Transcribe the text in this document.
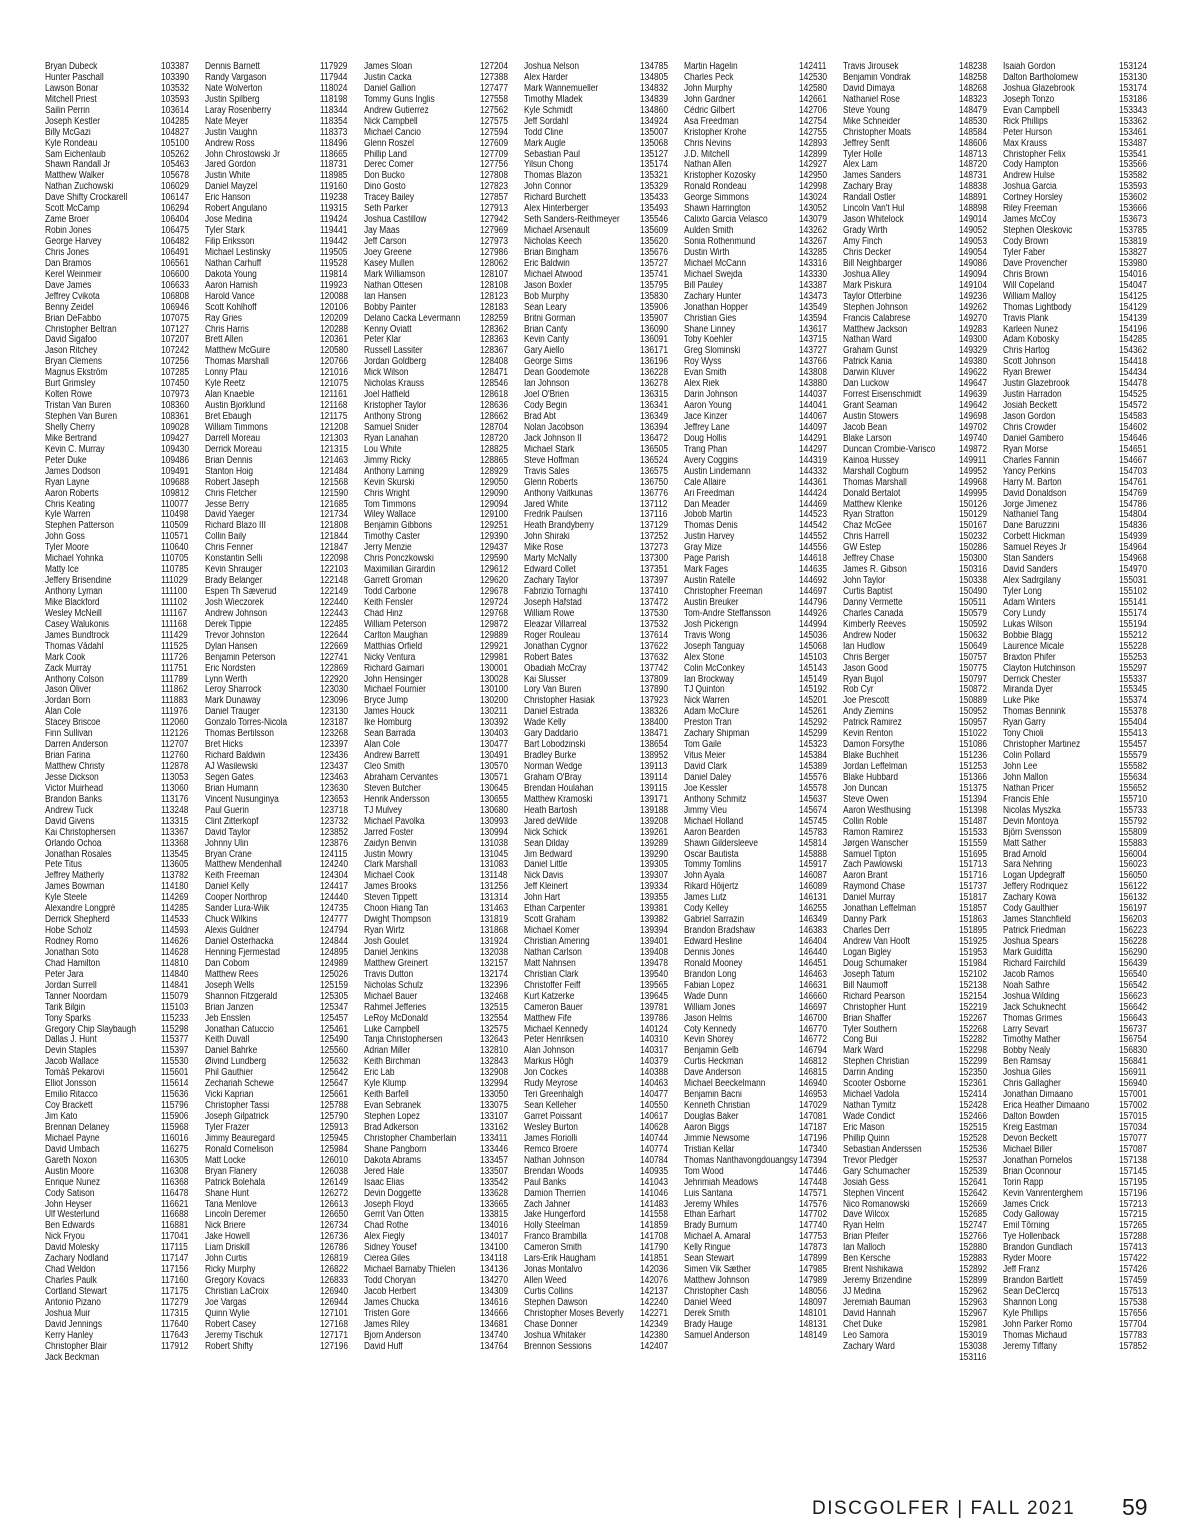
Bryan Dubeck	103387
Hunter Paschall	103390
Lawson Bonar	103532
Mitchell Priest	103593
Sailin Perrin	103614
Joseph Kestler	104285
Billy McGazi	104827
Kyle Rondeau	105100
Sam Eichenlaub	105262
Shawn Randall Jr	105463
Matthew Walker	105678
Nathan Zuchowski	106029
Dave Shifty Crockarell	106147
Scott McCamp	106294
Zame Broer	106404
Robin Jones	106475
George Harvey	106482
Chris Jones	106491
Dan Bramos	106561
Kerel Weinmeir	106600
Dave James	106633
Jeffrey Cvikota	106808
Benny Zeidel	106946
Brian DeFabbo	107075
Christopher Beltran	107127
David Sigafoo	107207
Jason Ritchey	107242
Bryan Clemens	107256
Magnus Ekström	107285
Burt Grimsley	107450
Kolten Rowe	107973
Tristan Van Buren	108360
Stephen Van Buren	108361
Shelly Cherry	109028
Mike Bertrand	109427
Kevin C. Murray	109430
Peter Duke	109486
James Dodson	109491
Ryan Layne	109688
Aaron Roberts	109812
Chris Keating	110077
Kyle Warren	110498
Stephen Patterson	110509
John Goss	110571
Tyler Moore	110640
Michael Yohnka	110705
Matty Ice	110785
Jeffery Brisendine	111029
Anthony Lyman	111100
Mike Blackford	111102
Wesley McNeill	111167
Casey Walukonis	111168
James Bundtrock	111429
Thomas Vådahl	111525
Mark Cook	111726
Zack Murray	111751
Anthony Colson	111789
Jason Oliver	111862
Jordan Born	111883
Alan Cole	111976
Stacey Briscoe	112060
Finn Sullivan	112126
Darren Anderson	112707
Brian Farina	112760
Matthew Christy	112878
Jesse Dickson	113053
Victor Muirhead	113060
Brandon Banks	113176
Andrew Tuck	113248
David Givens	113315
Kai Christophersen	113367
Orlando Ochoa	113368
Jonathan Rosales	113545
Pete Titus	113605
Jeffrey Matherly	113782
James Bowman	114180
Kyle Steele	114269
Alexandre Longpré	114285
Derrick Shepherd	114533
Hobe Scholz	114593
Rodney Romo	114626
Jonathan Soto	114628
Chad Hamilton	114810
Peter Jara	114840
Jordan Surrell	114841
Tanner Noordam	115079
Tarik Bilgin	115103
Tony Sparks	115233
Gregory Chip Slaybaugh	115298
Dallas J. Hunt	115377
Devin Staples	115397
Jacob Wallace	115530
Tomáš Pekarovi	115601
Elliot Jonsson	115614
Emilio Ritacco	115636
Coy Brackett	115796
Jim Kato	115906
Brennan Delaney	115968
Michael Payne	116016
David Umbach	116275
Gareth Noxon	116305
Austin Moore	116308
Enrique Nunez	116368
Cody Satison	116478
John Heyser	116621
Ulf Westerlund	116688
Ben Edwards	116881
Nick Fryou	117041
David Molesky	117115
Zachary Nodland	117147
Chad Weldon	117156
Charles Paulk	117160
Cortland Stewart	117175
Antonio Pizano	117279
Joshua Muir	117315
David Jennings	117640
Kerry Hanley	117643
Christopher Blair	117912
Jack Beckman
Dennis Barnett	117929
Randy Vargason	117944
Nate Wolverton	118024
Justin Spilberg	118198
Laray Rosenberry	118344
Nate Meyer	118354
Justin Vaughn	118373
Andrew Ross	118496
John Chrostowski Jr	118665
Jared Gordon	118731
Justin White	118985
Daniel Mayzel	119160
Eric Hanson	119238
Robert Angulano	119315
Jose Medina	119424
Tyler Stark	119441
Filip Eriksson	119442
Michael Lestinsky	119505
Nathan Carhuff	119528
Dakota Young	119814
Aaron Hamish	119923
Harold Vance	120088
Scott Kohlhoff	120106
Ray Gries	120209
Chris Harris	120288
Brett Allen	120361
Matthew McGuire	120580
Thomas Marshall	120766
Lonny Pfau	121016
Kyle Reetz	121075
Alan Knaeble	121161
Austin Bjorklund	121168
Bret Ebaugh	121175
William Timmons	121208
Darrell Moreau	121303
Derrick Moreau	121315
Brian Dennis	121463
Stanton Hoig	121484
Robert Jaseph	121568
Chris Fletcher	121590
Jesse Berry	121685
David Yaeger	121734
Richard Blazo III	121808
Collin Baily	121844
Chris Fenner	121847
Konstantin Selli	122098
Kevin Shrauger	122103
Brady Belanger	122148
Espen Th Sæverud	122149
Josh Wieczorek	122440
Andrew Johnson	122443
Derek Tippie	122485
Trevor Johnston	122644
Dylan Hansen	122669
Benjamin Peterson	122741
Eric Nordsten	122869
Lynn Werth	122920
Leroy Sharrock	123030
Mark Dunaway	123096
Daniel Trauger	123130
Gonzalo Torres-Nicola	123187
Thomas Bertilsson	123268
Bret Hicks	123397
Richard Baldwin	123436
AJ Wasilewski	123437
Segen Gates	123463
Brian Humann	123630
Vincent Nusunginya	123653
Paul Guerin	123718
Clint Zitterkopf	123732
David Taylor	123852
Johnny Ulin	123876
Bryan Crane	124115
Matthew Mendenhall	124240
Keith Freeman	124304
Daniel Kelly	124417
Cooper Northrop	124440
Sander Lura-Wiik	124735
Chuck Wilkins	124777
Alexis Guldner	124794
Daniel Osterhacka	124844
Henning Fjermestad	124895
Dan Cobom	124989
Matthew Rees	125026
Joseph Wells	125159
Shannon Fitzgerald	125305
Brian Janzen	125347
Jeb Ensslen	125457
Jonathan Catuccio	125461
Keith Duvall	125490
Daniel Bahrke	125560
Øivind Lundberg	125632
Phil Gauthier	125642
Zechariah Schewe	125647
Vicki Kaprian	125661
Christopher Tassi	125788
Joseph Gilpatrick	125790
Tyler Frazer	125913
Jimmy Beauregard	125945
Ronald Cornelison	125984
Matt Locke	126010
Bryan Flanery	126038
Patrick Bolehala	126149
Shane Hunt	126272
Tana Menlove	126613
Lincoln Deremer	126650
Nick Briere	126734
Jake Howell	126736
Liam Driskill	126786
John Curtis	126819
Ricky Murphy	126822
Gregory Kovacs	126833
Christian LaCroix	126940
Joe Vargas	126944
Quinn Wylie	127101
Robert Casey	127168
Jeremy Tischuk	127171
Robert Shifty	127196
James Sloan	127204
Justin Cacka	127388
Daniel Gallion	127477
Tommy Guns Inglis	127558
Andrew Gutierrez	127562
Nick Campbell	127575
Michael Cancio	127594
Glenn Roszel	127609
Phillip Land	127709
Derec Comer	127756
Don Bucko	127808
Dino Gosto	127823
Tracey Bailey	127857
Seth Parker	127913
Joshua Castillow	127942
Jay Maas	127969
Jeff Carson	127973
Joey Greene	127986
Kasey Mullen	128062
Mark Williamson	128107
Nathan Ottesen	128108
Ian Hansen	128123
Bobby Painter	128183
Delano Cacka Levermann	128259
Kenny Oviatt	128362
Peter Klar	128363
Russell Lassiter	128367
Jordan Goldberg	128408
Mick Wilson	128471
Nicholas Krauss	128546
Joel Hatfield	128618
Kristopher Taylor	128636
Anthony Strong	128662
Samuel Snider	128704
Ryan Lanahan	128720
Lou White	128825
Jimmy Ricky	128865
Anthony Laming	128929
Kevin Skurski	129050
Chris Wright	129090
Tom Timmons	129094
Wiley Wallace	129100
Benjamin Gibbons	129251
Timothy Caster	129390
Jerry Menzie	129437
Chris Ponczkowski	129590
Maximilian Girardin	129612
Garrett Groman	129620
Todd Carbone	129678
Keith Fensler	129724
Chad Hinz	129768
William Peterson	129872
Carlton Maughan	129889
Matthias Orfield	129921
Nicky Ventura	129981
Richard Gaimari	130001
John Hensinger	130028
Michael Fournier	130100
Bryce Jump	130200
James Houck	130211
Ike Homburg	130392
Sean Barrada	130403
Alan Cole	130477
Andrew Barrett	130491
Cleo Smith	130570
Abraham Cervantes	130571
Steven Butcher	130645
Henrik Andersson	130655
TJ Mulvey	130680
Michael Pavolka	130993
Jarred Foster	130994
Zaidyn Benvin	131038
Justin Mowry	131045
Clark Marshall	131083
Michael Cook	131148
James Brooks	131256
Steven Tippett	131314
Choon Hiang Tan	131463
Dwight Thompson	131819
Ryan Wirtz	131868
Josh Goulet	131924
Daniel Jenkins	132038
Matthew Greinert	132157
Travis Dutton	132174
Nicholas Schulz	132396
Michael Bauer	132468
Rahmel Jefferies	132515
LeRoy McDonald	132554
Luke Campbell	132575
Tanja Christophersen	132643
Adrian Miller	132810
Keith Birchman	132843
Eric Lab	132908
Kyle Klump	132994
Keith Barfell	133050
Evan Sebranek	133075
Stephen Lopez	133107
Brad Adkerson	133162
Christopher Chamberlain	133411
Shane Pangborn	133446
Dakota Abrams	133457
Jered Hale	133507
Isaac Elias	133542
Devin Doggette	133628
Joseph Floyd	133665
Gerrit Van Otten	133815
Chad Rothe	134016
Alex Fiegly	134017
Sidney Yousef	134100
Cierea Giles	134118
Michael Barnaby Thielen	134136
Todd Choryan	134270
Jacob Herbert	134309
James Chucka	134616
Tristen Gore	134666
James Riley	134681
Bjorn Anderson	134740
David Huff	134764
Joshua Nelson	134785
Alex Harder	134805
Mark Wannemueller	134832
Timothy Mladek	134839
Kyle Schmidt	134860
Jeff Sordahl	134924
Todd Cline	135007
Mark Augle	135068
Sebastian Paul	135127
Yilsun Chong	135174
Thomas Blazon	135321
John Connor	135329
Richard Burchett	135433
Alex Hinterberger	135493
Seth Sanders-Reithmeyer	135546
Michael Arsenault	135609
Nicholas Keech	135620
Brian Bingham	135676
Eric Baldwin	135727
Michael Atwood	135741
Jason Boxler	135795
Bob Murphy	135830
Sean Leary	135906
Britni Gorman	135907
Brian Canty	136090
Kevin Canty	136091
Gary Aiello	136171
George Sims	136196
Dean Goodemote	136228
Ian Johnson	136278
Joel O'Brien	136315
Cody Begin	136341
Brad Abt	136349
Nolan Jacobson	136394
Jack Johnson II	136472
Michael Stark	136505
Steve Hoffman	136524
Travis Sales	136575
Glenn Roberts	136750
Anthony Vaitkunas	136776
Jared White	137112
Fredrik Paulsen	137116
Heath Brandyberry	137129
John Shiraki	137252
Mike Rose	137273
Marty McNally	137300
Edward Collet	137351
Zachary Taylor	137397
Fabrizio Tornaghi	137410
Joseph Hafstad	137472
William Rowe	137530
Eleazar Villarreal	137532
Roger Rouleau	137614
Jonathan Cygnor	137622
Robert Bates	137632
Obadiah McCray	137742
Kai Slusser	137809
Lory Van Buren	137890
Christopher Hasiak	137923
Daniel Estrada	138326
Wade Kelly	138400
Gary Daddario	138471
Bart Lobodzinski	138654
Bradley Burke	138952
Norman Wedge	139113
Graham O'Bray	139114
Brendan Houlahan	139115
Matthew Kramoski	139171
Heath Bartosh	139188
Jared deWilde	139208
Nick Schick	139261
Sean Dilday	139289
Jim Bedward	139290
Daniel Little	139305
Nick Davis	139307
Jeff Kleinert	139334
John Hart	139355
Ethan Carpenter	139381
Scott Graham	139382
Michael Komer	139394
Christian Amering	139401
Nathan Carlson	139408
Matt Nahnsen	139478
Christian Clark	139540
Christoffer Feiff	139565
Kurt Katzerke	139645
Cameron Bauer	139781
Matthew Fife	139786
Michael Kennedy	140124
Peter Henriksen	140310
Alan Johnson	140317
Markus Högh	140379
Jon Cockes	140388
Rudy Meyrose	140463
Teri Greenhalgh	140477
Sean Kelleher	140550
Garret Poissant	140617
Wesley Burton	140628
James Floriolli	140744
Remco Broere	140774
Nathan Johnson	140784
Brendan Woods	140935
Paul Banks	141043
Damion Therrien	141046
Zach Jahner	141483
Jake Hungerford	141558
Holly Steelman	141859
Franco Brambilla	141708
Cameron Smith	141790
Lars-Erik Haugham	141851
Jonas Montalvo	142036
Allen Weed	142076
Curtis Collins	142137
Stephen Dawson	142240
Christopher Moses Beverly	142271
Chase Donner	142349
Joshua Whitaker	142380
Brennon Sessions	142407
Martin Hagelin	142411
Charles Peck	142530
John Murphy	142580
John Gardner	142661
Cédric Gilbert	142706
Asa Freedman	142754
Kristopher Krohe	142755
Chris Nevins	142893
J.D. Mitchell	142899
Nathan Allen	142927
Kristopher Kozosky	142950
Ronald Rondeau	142998
George Simmons	143024
Shawn Harrington	143052
Calixto Garcia Velasco	143079
Aulden Smith	143262
Sonia Rothenmund	143267
Dustin Wirth	143285
Michael McCann	143316
Michael Swejda	143330
Bill Pauley	143387
Zachary Hunter	143473
Jonathan Hopper	143549
Christian Gies	143594
Shane Linney	143617
Toby Koehler	143715
Greg Slominski	143727
Roy Wyss	143766
Evan Smith	143808
Alex Riek	143880
Darin Johnson	144037
Aaron Young	144041
Jace Kinzer	144067
Jeffrey Lane	144097
Doug Hollis	144291
Trang Phan	144297
Avery Coggins	144319
Austin Lindemann	144332
Cale Allaire	144361
Ari Freedman	144424
Dan Meader	144469
Jobob Martin	144523
Thomas Denis	144542
Justin Harvey	144552
Gray Mize	144556
Page Parish	144618
Mark Fages	144635
Austin Ratelle	144692
Christopher Freeman	144697
Austin Breuker	144796
Tom-Andre Steffansson	144926
Josh Pickerign	144994
Travis Wong	145036
Joseph Tanguay	145068
Alex Stone	145103
Colin McConkey	145143
Ian Brockway	145149
TJ Quinton	145192
Nick Warren	145201
Adam McClure	145261
Preston Tran	145292
Zachary Shipman	145299
Tom Gaile	145323
Vitus Meier	145384
David Clark	145389
Daniel Daley	145576
Joe Kessler	145578
Anthony Schmitz	145637
Jimmy Vieu	145674
Michael Holland	145745
Aaron Bearden	145783
Shawn Gildersleeve	145814
Oscar Bautista	145888
Tommy Tomlins	145917
John Ayala	146087
Rikard Höijertz	146089
James Lutz	146131
Cody Kelley	146255
Gabriel Sarrazin	146349
Brandon Bradshaw	146383
Edward Hesline	146404
Dennis Jones	146440
Ronald Mooney	146451
Brandon Long	146463
Fabian Lopez	146631
Wade Dunn	146660
William Jones	146697
Jason Helms	146700
Coty Kennedy	146770
Kevin Shorey	146772
Benjamin Gelb	146794
Curtis Heckman	146812
Dave Anderson	146815
Michael Beeckelmann	146940
Benjamin Bacni	146953
Kenneth Christian	147029
Douglas Baker	147081
Aaron Biggs	147187
Jimmie Newsome	147196
Tristian Kellar	147340
Thomas Nanthavongdouangsy 147394
Tom Wood	147446
Jehrimiah Meadows	147448
Luis Santana	147571
Jeremy Whiles	147576
Ethan Earhart	147702
Brady Burnum	147740
Michael A. Amaral	147753
Kelly Ringue	147873
Sean Stewart	147899
Simen Vik Sæther	147985
Matthew Johnson	147989
Christopher Cash	148056
Daniel Weed	148097
Derek Smith	148101
Brady Hauge	148131
Samuel Anderson	148149
Travis Jirousek	148238
Benjamin Vondrak	148258
David Dimaya	148268
Nathaniel Rose	148323
Steve Young	148479
Mike Schneider	148530
Christopher Moats	148584
Jeffrey Senft	148606
Tyler Holle	148713
Alex Lam	148720
James Sanders	148731
Zachary Bray	148838
Randall Ostler	148891
Lincoln Van't Hul	148898
Jason Whitelock	149014
Grady Wirth	149052
Amy Finch	149053
Chris Decker	149054
Bill Neighbarger	149086
Joshua Alley	149094
Mark Piskura	149104
Taylor Otterbine	149236
Stephen Johnson	149262
Francis Calabrese	149270
Matthew Jackson	149283
Nathan Ward	149300
Graham Gunst	149329
Patrick Kania	149380
Darwin Kluver	149622
Dan Luckow	149647
Forrest Eisenschmidt	149639
Grant Seaman	149642
Austin Stowers	149698
Jacob Bean	149702
Blake Larson	149740
Duncan Crombie-Varisco	149872
Kainoa Hussey	149911
Marshall Cogburn	149952
Thomas Marshall	149968
Donald Bertalot	149995
Matthew Klenke	150126
Ryan Stratton	150129
Chaz McGee	150167
Chris Harrell	150232
GW Estep	150286
Jeffrey Chase	150300
James R. Gibson	150316
John Taylor	150338
Curtis Baptist	150490
Danny Vermette	150511
Charles Canada	150579
Kimberly Reeves	150592
Andrew Noder	150632
Ian Hudlow	150649
Chris Berger	150757
Jason Good	150775
Ryan Bujol	150797
Rob Cyr	150872
Joe Prescott	150889
Andy Ziemins	150952
Patrick Ramirez	150957
Kevin Renton	151022
Damon Forsythe	151086
Blake Buchheit	151236
Jordan Leffelman	151253
Blake Hubbard	151366
Jon Duncan	151375
Steve Owen	151394
Aaron Westhusing	151398
Collin Roble	151487
Ramon Ramirez	151533
Jørgen Wanscher	151559
Samuel Tipton	151695
Zach Pawlowski	151713
Aaron Brant	151716
Raymond Chase	151737
Daniel Murray	151817
Jonathan Leffelman	151857
Danny Park	151863
Charles Derr	151895
Andrew Van Hooft	151925
Logan Bigley	151953
Doug Schumaker	151984
Joseph Tatum	152102
Bill Naumoff	152138
Richard Pearson	152154
Christopher Hunt	152219
Brian Shaffer	152267
Tyler Southern	152268
Cong Bui	152282
Mark Ward	152298
Stephen Christian	152299
Darrin Anding	152350
Scooter Osborne	152361
Michael Vadola	152414
Nathan Tymitz	152428
Wade Condict	152466
Eric Mason	152515
Phillip Quinn	152528
Sebastian Anderssen	152536
Trevor Pledger	152537
Gary Schumacher	152539
Josiah Gess	152641
Stephen Vincent	152642
Nico Romanowski	152669
Dave Wilcox	152685
Ryan Helm	152747
Brian Pfeifer	152766
Ian Malloch	152880
Ben Kersche	152883
Brent Nishikawa	152892
Jeremy Brizendine	152899
JJ Medina	152962
Jeremiah Bauman	152963
David Hannah	152967
Chet Duke	152981
Leo Samora	153019
Zachary Ward	153038
153116
Isaiah Gordon	153124
Dalton Bartholomew	153130
Joshua Glazebrook	153174
Joseph Tonzo	153186
Evan Campbell	153343
Rick Phillips	153362
Peter Hurson	153461
Max Krauss	153487
Christopher Felix	153541
Cody Hampton	153566
Andrew Hulse	153582
Joshua Garcia	153593
Cortney Horsley	153602
Riley Freeman	153666
James McCoy	153673
Stephen Oleskovic	153785
Cody Brown	153819
Tyler Faber	153827
Dave Provencher	153980
Chris Brown	154016
Will Copeland	154047
William Malloy	154125
Thomas Lightbody	154129
Travis Plank	154139
Karleen Nunez	154196
Adam Kobosky	154285
Chris Hartog	154362
Scott Johnson	154418
Ryan Brewer	154434
Justin Glazebrook	154478
Justin Harradon	154525
Josiah Beckett	154572
Jason Gordon	154583
Chris Crowder	154602
Daniel Gambero	154646
Ryan Morse	154651
Charles Fannin	154667
Yancy Perkins	154703
Harry M. Barton	154761
David Donaldson	154769
Jorge Jimenez	154786
Nathaniel Tang	154804
Dane Baruzzini	154836
Corbett Hickman	154939
Samuel Reyes Jr	154964
Stan Sanders	154968
David Sanders	154970
Alex Sadrgilany	155031
Tyler Long	155102
Adam Winters	155141
Cory Lundy	155174
Lukas Wilson	155194
Bobbie Blagg	155212
Laurence Micale	155228
Braxton Phifer	155253
Clayton Hutchinson	155297
Derrick Chester	155337
Miranda Dyer	155345
Luke Pike	155374
Thomas Bennink	155378
Ryan Garry	155404
Tony Chioli	155413
Christopher Martinez	155457
Colin Pollard	155579
John Lee	155582
John Mallon	155634
Nathan Pricer	155652
Francis Ehle	155710
Nicolas Myszka	155733
Devin Montoya	155792
Björn Svensson	155809
Matt Sather	155883
Brad Arnold	156004
Sara Nehring	156023
Logan Updegraff	156050
Jeffery Rodriquez	156122
Zachary Kowa	156132
Cody Gaulthier	156197
James Stanchfield	156203
Patrick Friedman	156223
Joshua Spears	156228
Mark Guiditta	156290
Richard Fairchild	156439
Jacob Ramos	156540
Noah Sathre	156542
Joshua Wilding	156623
Jack Schuknecht	156642
Thomas Grimes	156643
Larry Sevart	156737
Timothy Mather	156754
Bobby Nealy	156830
Ben Ramsay	156841
Joshua Giles	156911
Chris Gallagher	156940
Jonathan Dimaano	157001
Erica Heather Dimaano	157002
Dalton Bowden	157015
Kreig Eastman	157034
Devon Beckett	157077
Michael Biller	157087
Jonathan Pornelos	157138
Brian Oconnour	157145
Torin Rapp	157195
Kevin Vanrenterghem	157196
James Crick	157213
Cody Galloway	157215
Emil Törning	157265
Tye Hollenback	157288
Brandon Gundlach	157413
Ryder Moore	157422
Jeff Franz	157426
Brandon Bartlett	157459
Sean DeClercq	157513
Shannon Long	157538
Kyle Phillips	157656
John Parker Romo	157704
Thomas Michaud	157783
Jeremy Tiffany	157852
DISCGOLFER | FALL 2021 59
